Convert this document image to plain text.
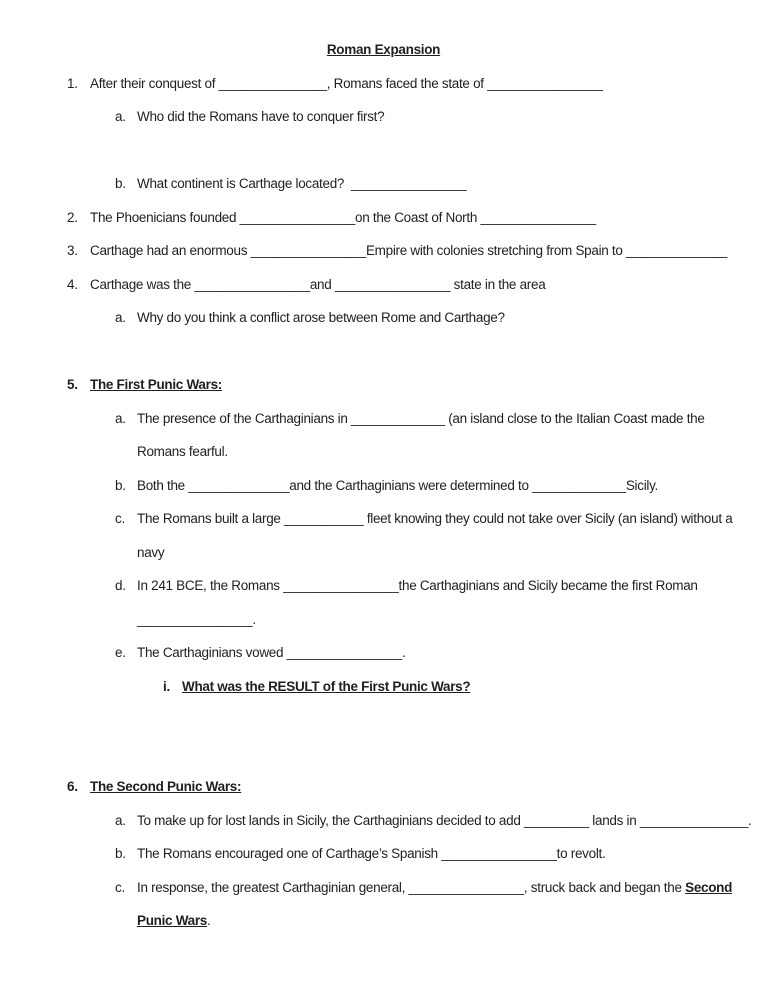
Roman Expansion
1. After their conquest of _______________, Romans faced the state of ________________
a. Who did the Romans have to conquer first?
b. What continent is Carthage located?  ________________
2. The Phoenicians founded ________________on the Coast of North ________________
3. Carthage had an enormous ________________Empire with colonies stretching from Spain to ______________
4. Carthage was the ________________and ________________ state in the area
a. Why do you think a conflict arose between Rome and Carthage?
5. The First Punic Wars:
a. The presence of the Carthaginians in _____________ (an island close to the Italian Coast made the
Romans fearful.
b. Both the ______________and the Carthaginians were determined to _____________Sicily.
c. The Romans built a large ___________ fleet knowing they could not take over Sicily (an island) without a
navy
d. In 241 BCE, the Romans ________________the Carthaginians and Sicily became the first Roman
________________.
e. The Carthaginians vowed ________________.
i. What was the RESULT of the First Punic Wars?
6. The Second Punic Wars:
a. To make up for lost lands in Sicily, the Carthaginians decided to add _________ lands in _______________.
b. The Romans encouraged one of Carthage’s Spanish ________________to revolt.
c. In response, the greatest Carthaginian general, ________________, struck back and began the Second
Punic Wars.
